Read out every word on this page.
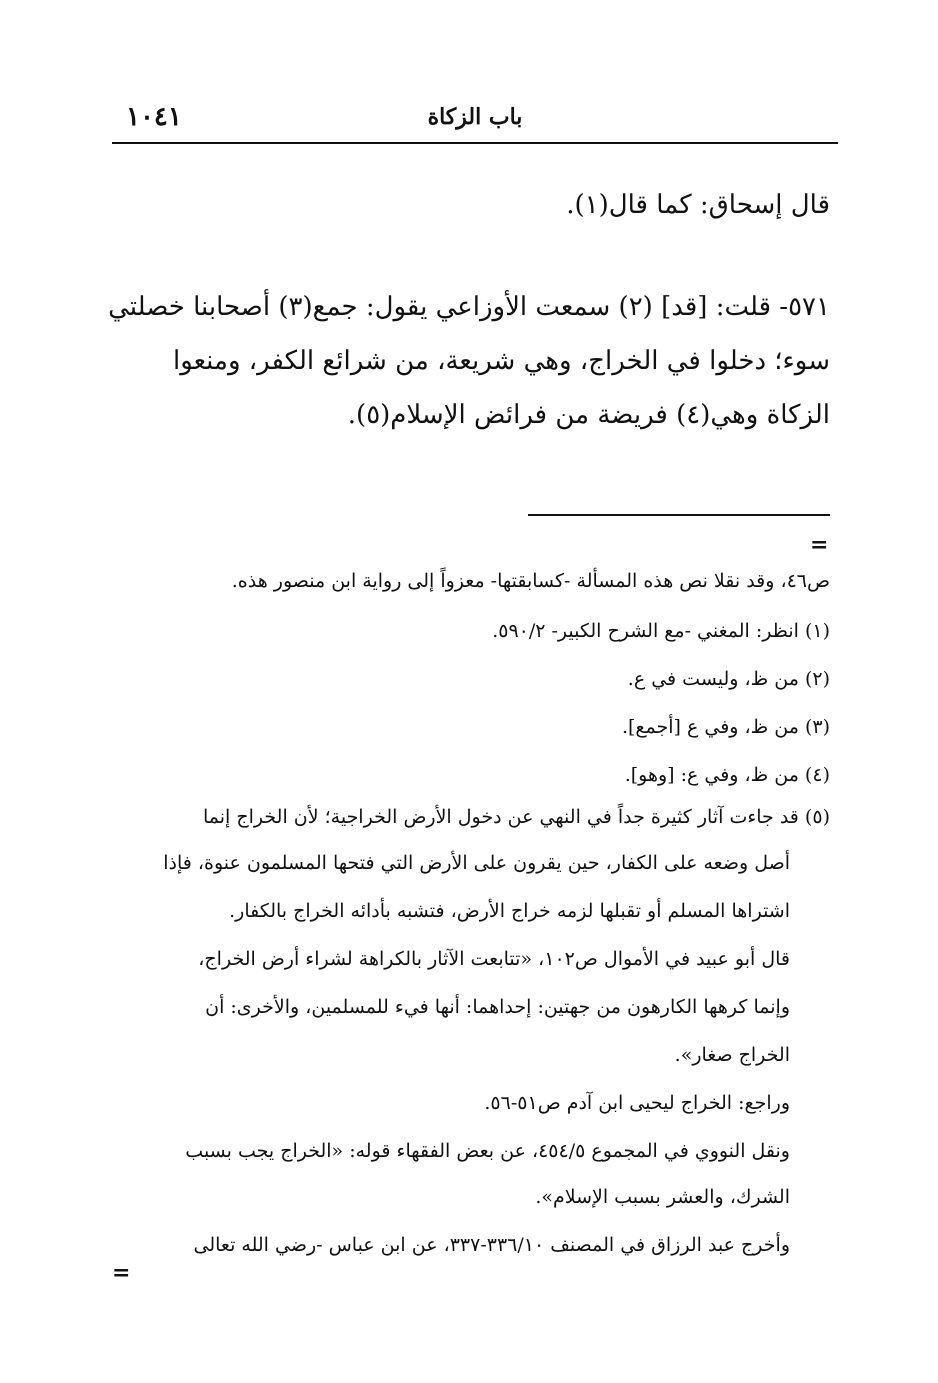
١٠٤١	باب الزكاة
قال إسحاق: كما قال(١).
٥٧١- قلت: [قد] (٢) سمعت الأوزاعي يقول: جمع(٣) أصحابنا خصلتي
سوء؛ دخلوا في الخراج، وهي شريعة، من شرائع الكفر، ومنعوا
الزكاة وهي(٤) فريضة من فرائض الإسلام(٥).
=
ص٤٦، وقد نقلا نص هذه المسألة -كسابقتها- معزواً إلى رواية ابن منصور هذه.
(١) انظر: المغني -مع الشرح الكبير- ٥٩٠/٢.
(٢) من ظ، وليست في ع.
(٣) من ظ، وفي ع [أجمع].
(٤) من ظ، وفي ع: [وهو].
(٥) قد جاءت آثار كثيرة جداً في النهي عن دخول الأرض الخراجية؛ لأن الخراج إنما
أصل وضعه على الكفار، حين يقرون على الأرض التي فتحها المسلمون عنوة، فإذا
اشتراها المسلم أو تقبلها لزمه خراج الأرض، فتشبه بأدائه الخراج بالكفار.
قال أبو عبيد في الأموال ص١٠٢، «تتابعت الآثار بالكراهة لشراء أرض الخراج،
وإنما كرهها الكارهون من جهتين: إحداهما: أنها فيء للمسلمين، والأخرى: أن
الخراج صغار».
وراجع: الخراج ليحيى ابن آدم ص٥١-٥٦.
ونقل النووي في المجموع ٤٥٤/٥، عن بعض الفقهاء قوله: «الخراج يجب بسبب
الشرك، والعشر بسبب الإسلام».
وأخرج عبد الرزاق في المصنف ٣٣٦/١٠-٣٣٧، عن ابن عباس -رضي الله تعالى
=
